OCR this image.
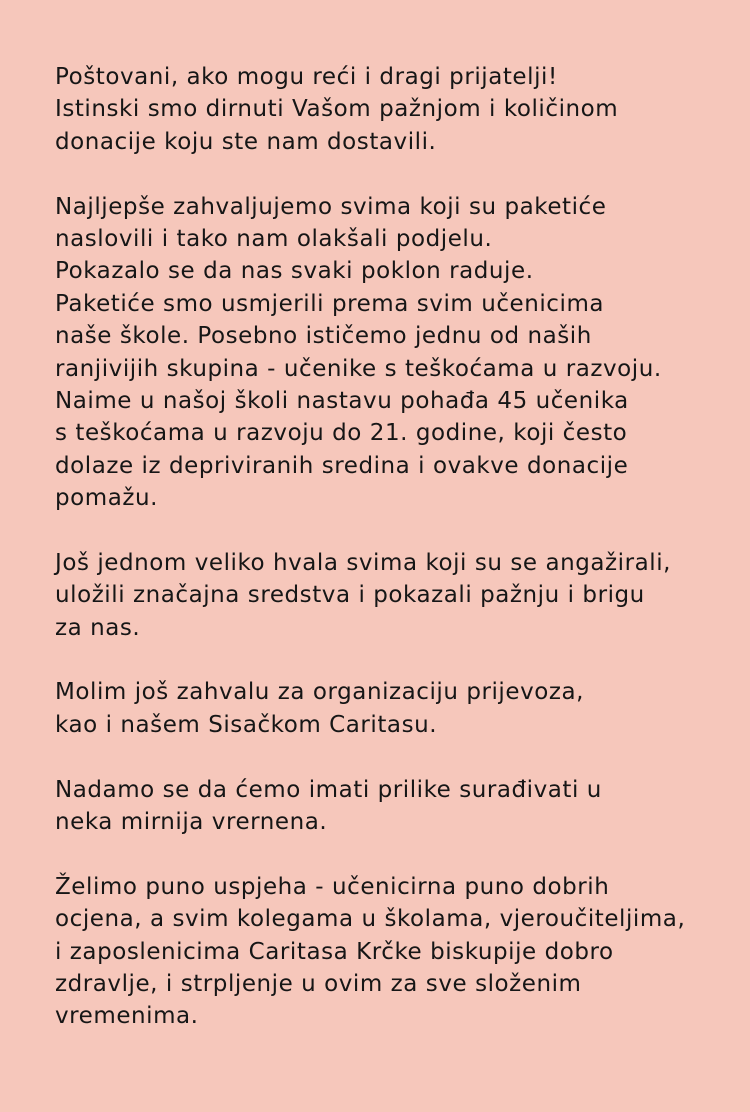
Poštovani, ako mogu reći i dragi prijatelji!
Istinski smo dirnuti Vašom pažnjom i količinom
donacije koju ste nam dostavili.
Najljepše zahvaljujemo svima koji su paketiće
naslovili i tako nam olakšali podjelu.
Pokazalo se da nas svaki poklon raduje.
Paketiće smo usmjerili prema svim učenicima
naše škole. Posebno ističemo jednu od naših
ranjivijih skupina - učenike s teškoćama u razvoju.
Naime u našoj školi nastavu pohađa 45 učenika
s teškoćama u razvoju do 21. godine, koji često
dolaze iz depriviranih sredina i ovakve donacije
pomažu.
Još jednom veliko hvala svima koji su se angažirali,
uložili značajna sredstva i pokazali pažnju i brigu
za nas.
Molim još zahvalu za organizaciju prijevoza,
kao i našem Sisačkom Caritasu.
Nadamo se da ćemo imati prilike surađivati u
neka mirnija vrernena.
Želimo puno uspjeha - učenicirna puno dobrih
ocjena, a svim kolegama u školama, vjeroučiteljima,
i zaposlenicima Caritasa Krčke biskupije dobro
zdravlje, i strpljenje u ovim za sve složenim
vremenima.
